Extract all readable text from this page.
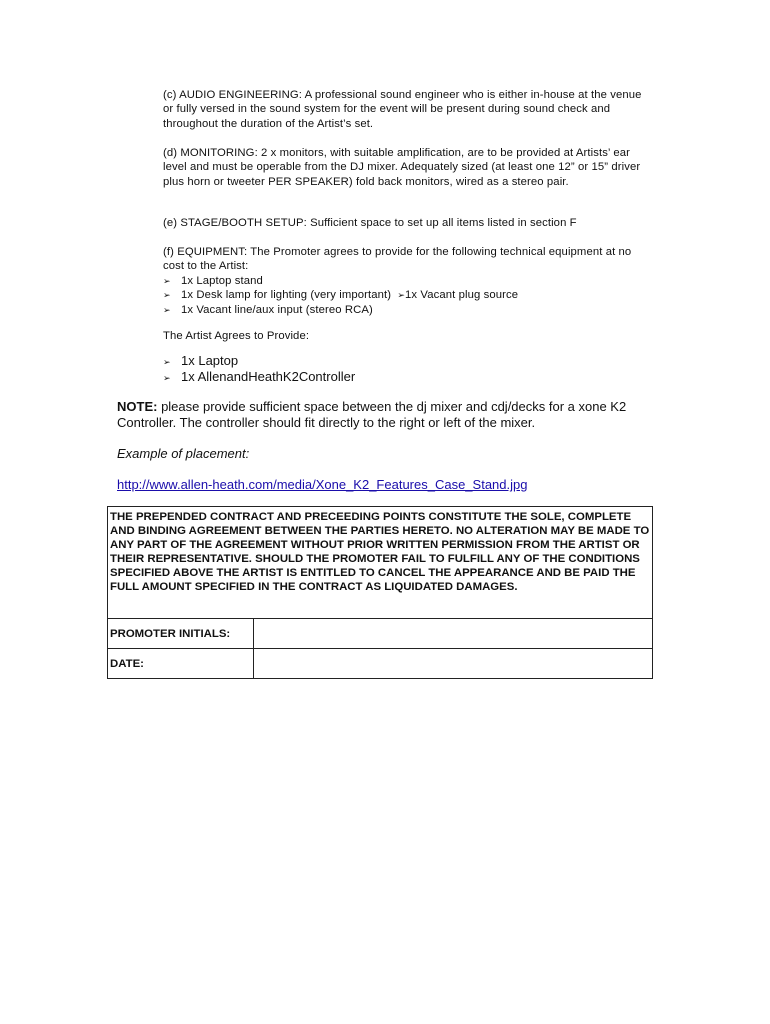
(c) AUDIO ENGINEERING: A professional sound engineer who is either in-house at the venue or fully versed in the sound system for the event will be present during sound check and throughout the duration of the Artist’s set.

(d) MONITORING: 2 x monitors, with suitable amplification, are to be provided at Artists’ ear level and must be operable from the DJ mixer. Adequately sized (at least one 12” or 15” driver plus horn or tweeter PER SPEAKER) fold back monitors, wired as a stereo pair.

(e) STAGE/BOOTH SETUP: Sufficient space to set up all items listed in section F

(f) EQUIPMENT: The Promoter agrees to provide for the following technical equipment at no cost to the Artist:

➢ 1x Laptop stand
➢ 1x Desk lamp for lighting (very important) ➢1x Vacant plug source
➢ 1x Vacant line/aux input (stereo RCA)

The Artist Agrees to Provide:

➢ 1x Laptop
➢ 1x AllenandHeathK2Controller
NOTE: please provide sufficient space between the dj mixer and cdj/decks for a xone K2 Controller. The controller should fit directly to the right or left of the mixer.
Example of placement:
http://www.allen-heath.com/media/Xone_K2_Features_Case_Stand.jpg
THE PREPENDED CONTRACT AND PRECEEDING POINTS CONSTITUTE THE SOLE, COMPLETE AND BINDING AGREEMENT BETWEEN THE PARTIES HERETO. NO ALTERATION MAY BE MADE TO ANY PART OF THE AGREEMENT WITHOUT PRIOR WRITTEN PERMISSION FROM THE ARTIST OR THEIR REPRESENTATIVE. SHOULD THE PROMOTER FAIL TO FULFILL ANY OF THE CONDITIONS SPECIFIED ABOVE THE ARTIST IS ENTITLED TO CANCEL THE APPEARANCE AND BE PAID THE FULL AMOUNT SPECIFIED IN THE CONTRACT AS LIQUIDATED DAMAGES.	
PROMOTER INITIALS:	
DATE:	
